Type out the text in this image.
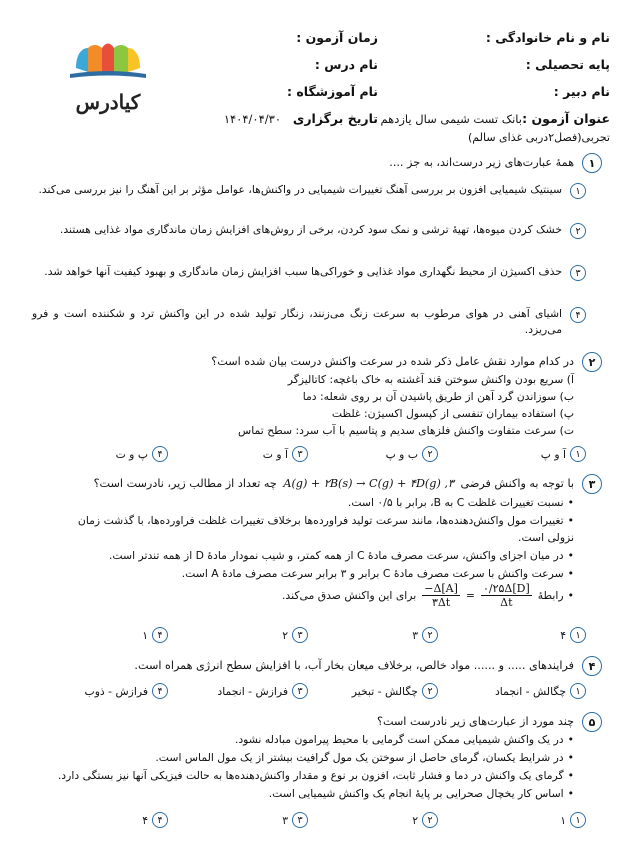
نام و نام خانوادگی :
زمان آزمون :
پایه تحصیلی :
نام درس :
نام دبیر :
نام آموزشگاه :
عنوان آزمون :
بانک تست شیمی سال یازدهم
تاریخ برگزاری
۱۴۰۴/۰۴/۳۰
تجربی(فصل۲دربی غذای سالم)
کیادرس
۱
همهٔ عبارت‌های زیر درست‌اند، به جز ....
۱
سینتیک شیمیایی افزون بر بررسی آهنگ تغییرات شیمیایی در واکنش‌ها، عوامل مؤثر بر این آهنگ را نیز بررسی می‌کند.
۲
خشک کردن میوه‌ها، تهیهٔ ترشی و نمک سود کردن، برخی از روش‌های افزایش زمان ماندگاری مواد غذایی هستند.
۳
حذف اکسیژن از محیط نگهداری مواد غذایی و خوراکی‌ها سبب افزایش زمان ماندگاری و بهبود کیفیت آنها خواهد شد.
۴
اشیای آهنی در هوای مرطوب به سرعت زنگ می‌زنند، زنگار تولید شده در این واکنش ترد و شکننده است و فرو می‌ریزد.
۲
در کدام موارد نقش عامل ذکر شده در سرعت واکنش درست بیان شده است؟
آ) سریع بودن واکنش سوختن قند آغشته به خاک باغچه: کاتالیزگر
ب) سوزاندن گرد آهن از طریق پاشیدن آن بر روی شعله: دما
پ) استفاده بیماران تنفسی از کپسول اکسیژن: غلظت
ت) سرعت متفاوت واکنش فلزهای سدیم و پتاسیم با آب سرد: سطح تماس
۱
آ و پ
۲
ب و پ
۳
آ و ت
۴
پ و ت
۳
با توجه به واکنش فرضی A(g) + ۲B(s) → C(g) + ۴D(g) ,۳ چه تعداد از مطالب زیر، نادرست است؟
• نسبت تغییرات غلظت C به B، برابر با ۰/۵ است.
• تغییرات مول واکنش‌دهنده‌ها، مانند سرعت تولید فراورده‌ها برخلاف تغییرات غلظت فراورده‌ها، با گذشت زمان
نزولی است.
• در میان اجزای واکنش، سرعت مصرف مادهٔ C از همه کمتر، و شیب نمودار مادهٔ D از همه تندتر است.
• سرعت واکنش با سرعت مصرف مادهٔ C برابر و ۳ برابر سرعت مصرف مادهٔ A است.
• رابطهٔ
$\frac{۰/۲۵\Delta[D]}{\Delta t}$
=
$\frac{-\Delta[A]}{۳\Delta t}$
برای این واکنش صدق می‌کند.
۱
۴
۲
۳
۳
۲
۴
۱
۴
فرایندهای ..... و ...... مواد خالص، برخلاف میعان بخار آب، با افزایش سطح انرژی همراه است.
۱
چگالش - انجماد
۲
چگالش - تبخیر
۳
فرازش - انجماد
۴
فرازش - ذوب
۵
چند مورد از عبارت‌های زیر نادرست است؟
• در یک واکنش شیمیایی ممکن است گرمایی با محیط پیرامون مبادله نشود.
• در شرایط یکسان، گرمای حاصل از سوختن یک مول گرافیت بیشتر از یک مول الماس است.
• گرمای یک واکنش در دما و فشار ثابت، افزون بر نوع و مقدار واکنش‌دهنده‌ها به حالت فیزیکی آنها نیز بستگی دارد.
• اساس کار یخچال صحرایی بر پایهٔ انجام یک واکنش شیمیایی است.
۱
۱
۲
۲
۳
۳
۴
۴
